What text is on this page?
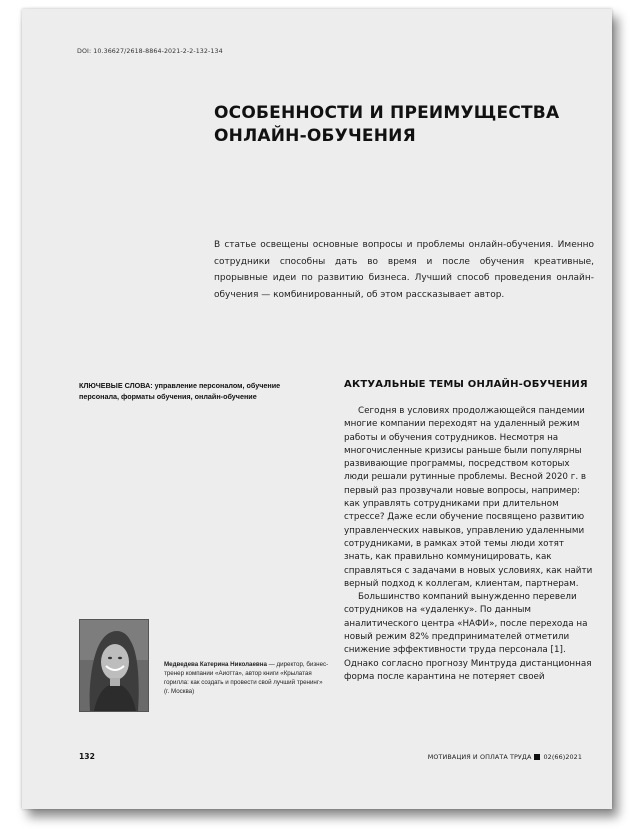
DOI: 10.36627/2618-8864-2021-2-2-132-134
ОСОБЕННОСТИ И ПРЕИМУЩЕСТВА ОНЛАЙН-ОБУЧЕНИЯ
В статье освещены основные вопросы и проблемы онлайн-обучения. Именно сотрудники способны дать во время и после обучения креативные, прорывные идеи по развитию бизнеса. Лучший способ проведения онлайн-обучения — комбинированный, об этом рассказывает автор.
КЛЮЧЕВЫЕ СЛОВА: управление персоналом, обучение персонала, форматы обучения, онлайн-обучение
АКТУАЛЬНЫЕ ТЕМЫ ОНЛАЙН-ОБУЧЕНИЯ

Сегодня в условиях продолжающейся пандемии многие компании переходят на удаленный режим работы и обучения сотрудников. Несмотря на многочисленные кризисы раньше были популярны развивающие программы, посредством которых люди решали рутинные проблемы. Весной 2020 г. в первый раз прозвучали новые вопросы, например: как управлять сотрудниками при длительном стрессе? Даже если обучение посвящено развитию управленческих навыков, управлению удаленными сотрудниками, в рамках этой темы люди хотят знать, как правильно коммуницировать, как справляться с задачами в новых условиях, как найти верный подход к коллегам, клиентам, партнерам.

Большинство компаний вынужденно перевели сотрудников на «удаленку». По данным аналитического центра «НАФИ», после перехода на новый режим 82% предпринимателей отметили снижение эффективности труда персонала [1]. Однако согласно прогнозу Минтруда дистанционная форма после карантина не потеряет своей

Медведева Катерина Николаевна — директор, бизнес-тренер компании «Аиотта», автор книги «Крылатая горилла: как создать и провести свой лучший тренинг» (г. Москва)
132	МОТИВАЦИЯ И ОПЛАТА ТРУДА 02(66)2021
